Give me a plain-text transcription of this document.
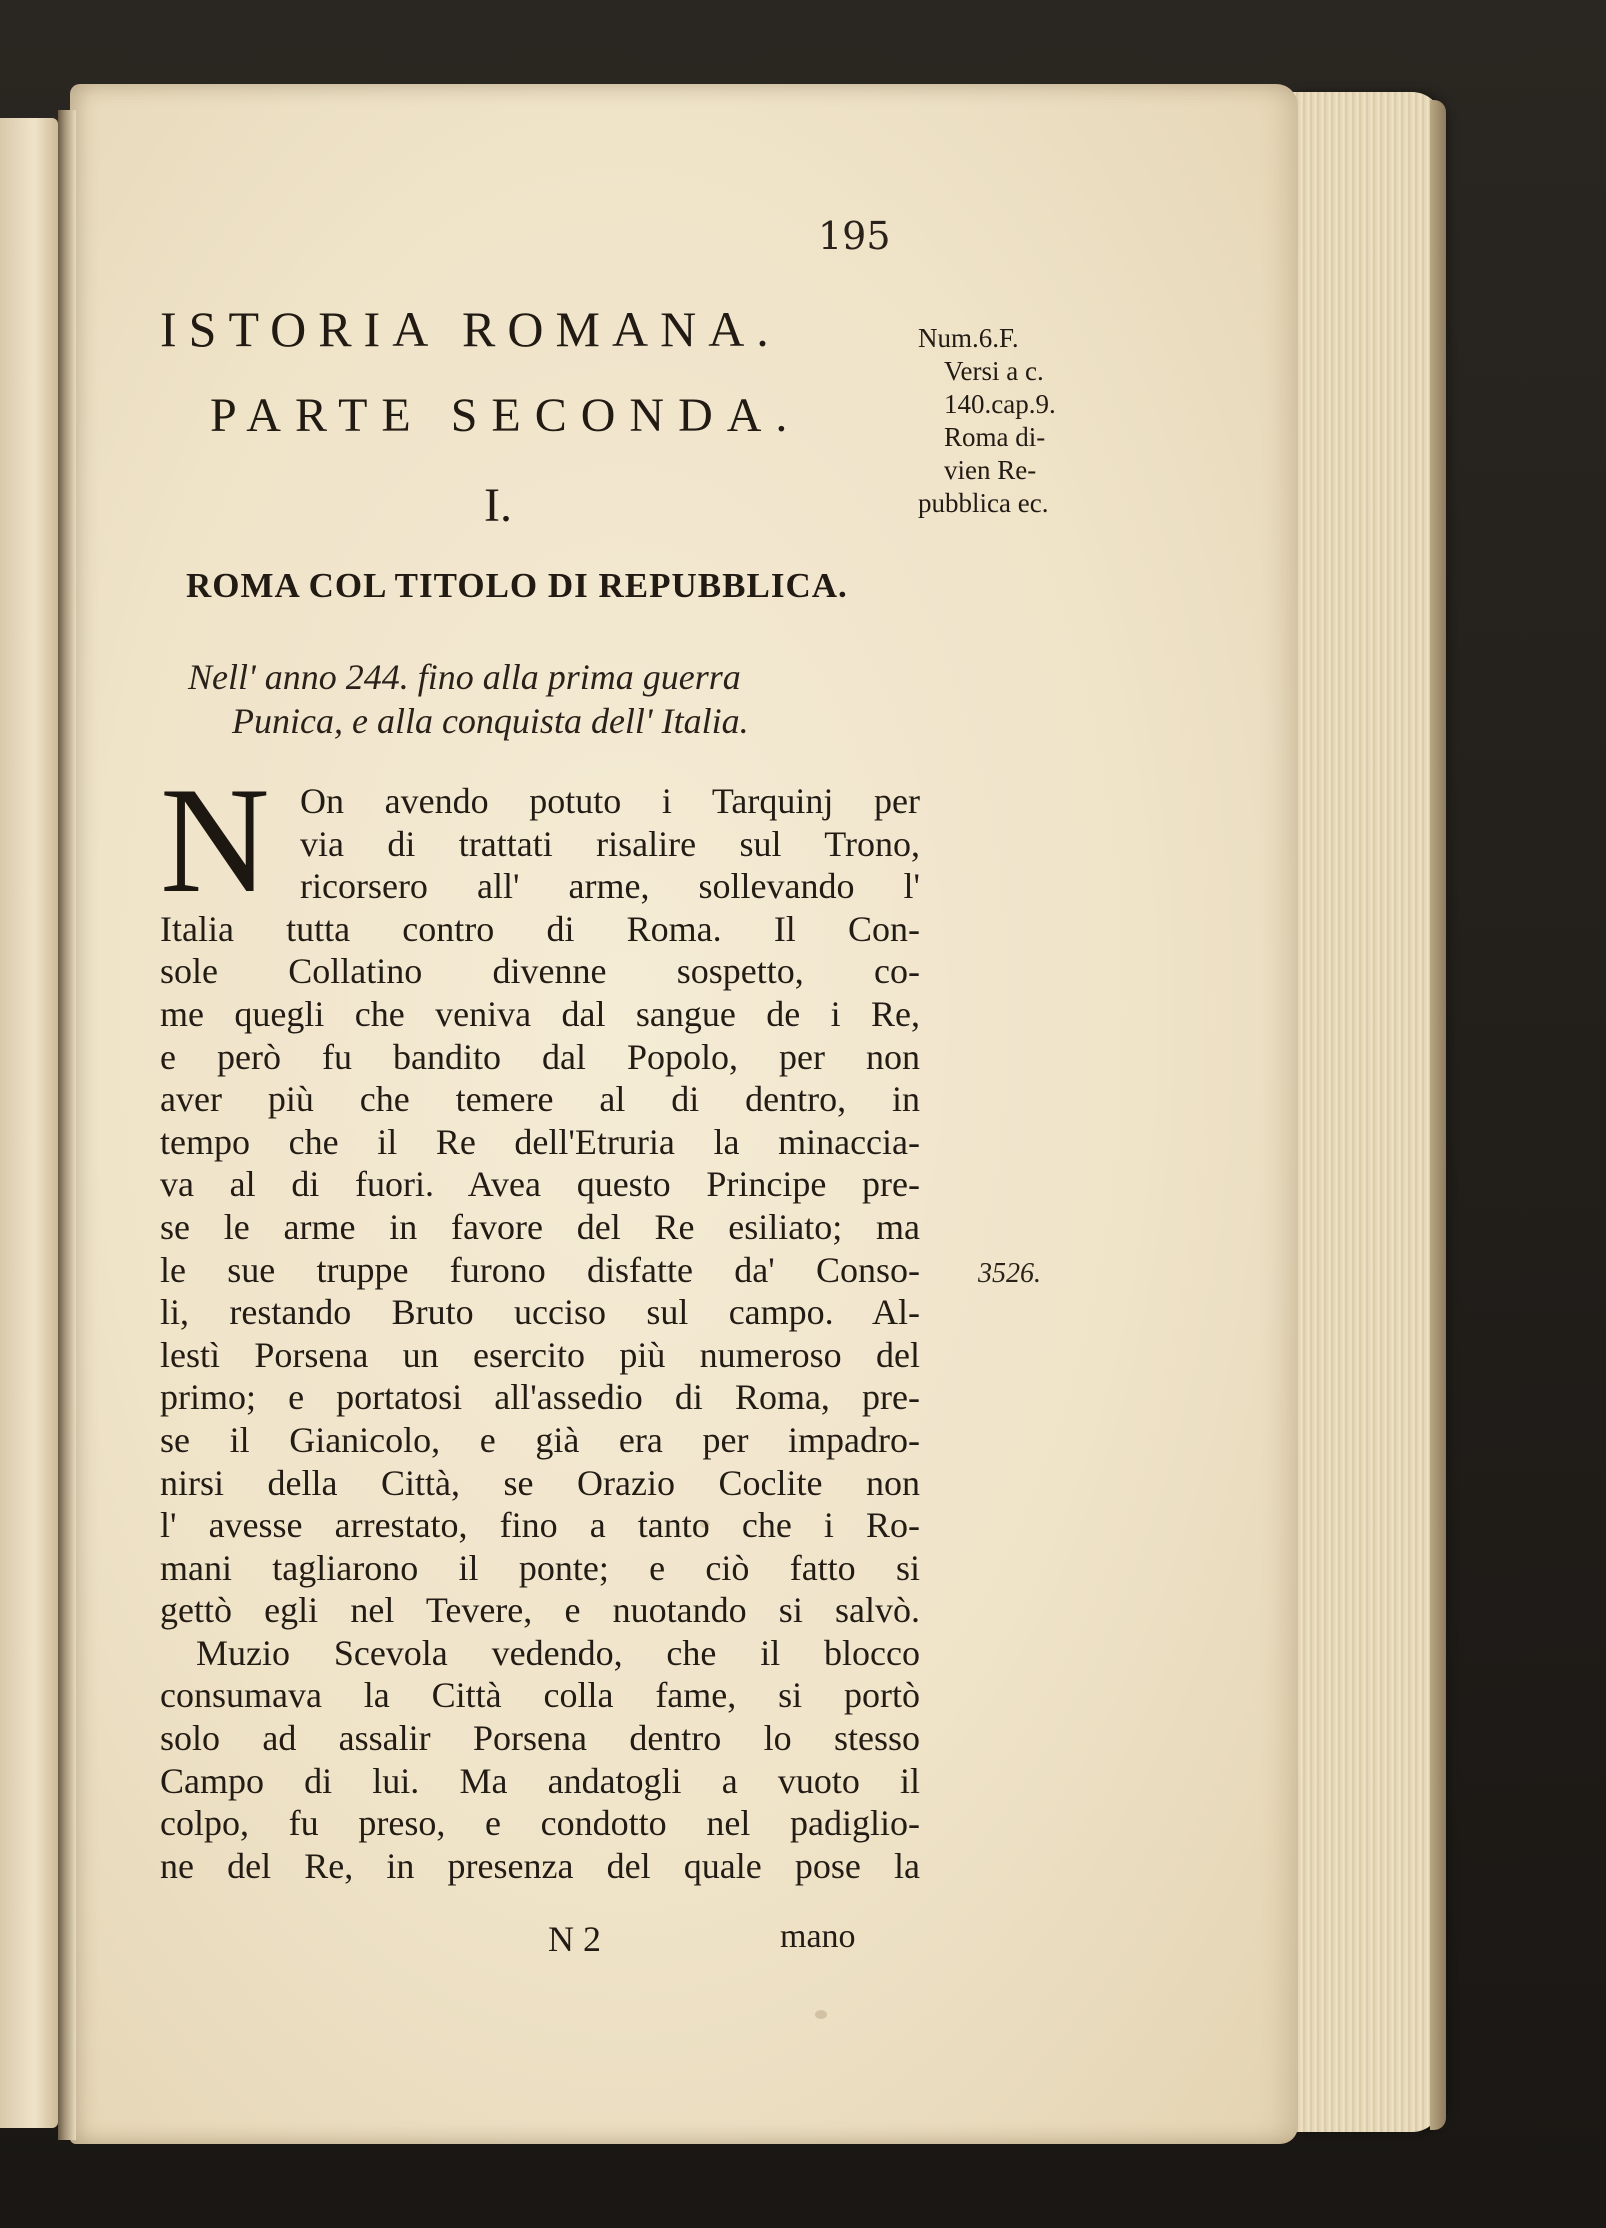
195
ISTORIA ROMANA.
PARTE SECONDA.
I.
ROMA COL TITOLO DI REPUBBLICA.
Nell' anno 244. fino alla prima guerra
Punica, e alla conquista dell' Italia.
Num.6.F.
Versi a c.
140.cap.9.
Roma di-
vien Re-
pubblica ec.
3526.
N On avendo potuto i Tarquinj per
via di trattati risalire sul Trono,
ricorsero all' arme, sollevando l'
Italia tutta contro di Roma. Il Con-
sole Collatino divenne sospetto, co-
me quegli che veniva dal sangue de i Re,
e però fu bandito dal Popolo, per non
aver più che temere al di dentro, in
tempo che il Re dell'Etruria la minaccia-
va al di fuori. Avea questo Principe pre-
se le arme in favore del Re esiliato; ma
le sue truppe furono disfatte da' Conso-
li, restando Bruto ucciso sul campo. Al-
lestì Porsena un esercito più numeroso del
primo; e portatosi all'assedio di Roma, pre-
se il Gianicolo, e già era per impadro-
nirsi della Città, se Orazio Coclite non
l' avesse arrestato, fino a tanto che i Ro-
mani tagliarono il ponte; e ciò fatto si
gettò egli nel Tevere, e nuotando si salvò.
Muzio Scevola vedendo, che il blocco
consumava la Città colla fame, si portò
solo ad assalir Porsena dentro lo stesso
Campo di lui. Ma andatogli a vuoto il
colpo, fu preso, e condotto nel padiglio-
ne del Re, in presenza del quale pose la
N 2	mano
